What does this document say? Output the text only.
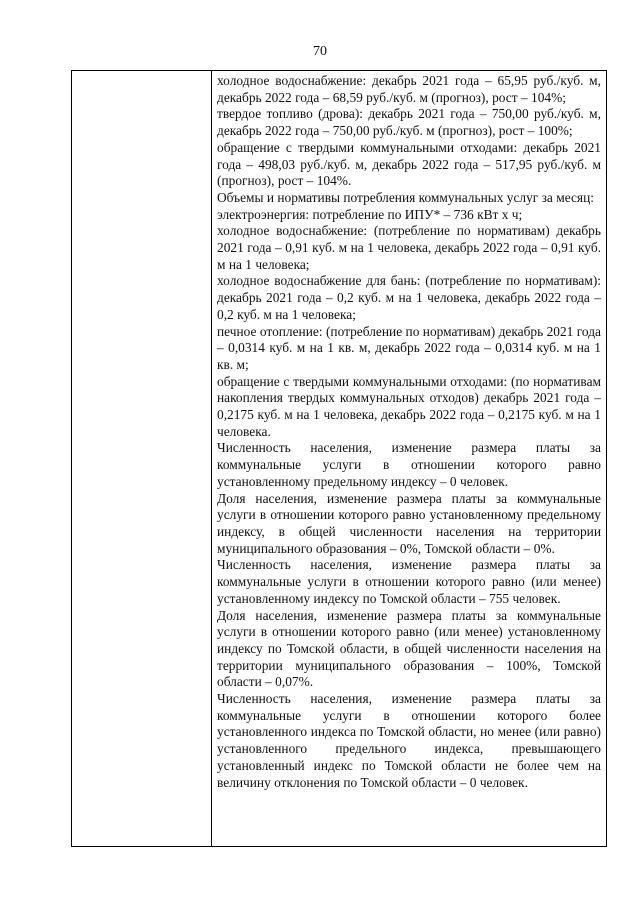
70

холодное водоснабжение: декабрь 2021 года – 65,95 руб./куб. м, декабрь 2022 года – 68,59 руб./куб. м (прогноз), рост – 104%;

твердое топливо (дрова): декабрь 2021 года – 750,00 руб./куб. м, декабрь 2022 года – 750,00 руб./куб. м (прогноз), рост – 100%;

обращение с твердыми коммунальными отходами: декабрь 2021 года – 498,03 руб./куб. м, декабрь 2022 года – 517,95 руб./куб. м (прогноз), рост – 104%.

Объемы и нормативы потребления коммунальных услуг за месяц:

электроэнергия: потребление по ИПУ* – 736 кВт х ч;

холодное водоснабжение: (потребление по нормативам) декабрь 2021 года – 0,91 куб. м на 1 человека, декабрь 2022 года – 0,91 куб. м на 1 человека;

холодное водоснабжение для бань: (потребление по нормативам): декабрь 2021 года – 0,2 куб. м на 1 человека, декабрь 2022 года – 0,2 куб. м на 1 человека;

печное отопление: (потребление по нормативам) декабрь 2021 года – 0,0314 куб. м на 1 кв. м, декабрь 2022 года – 0,0314 куб. м на 1 кв. м;

обращение с твердыми коммунальными отходами: (по нормативам накопления твердых коммунальных отходов) декабрь 2021 года – 0,2175 куб. м на 1 человека, декабрь 2022 года – 0,2175 куб. м на 1 человека.

Численность населения, изменение размера платы за коммунальные услуги в отношении которого равно установленному предельному индексу – 0 человек.

Доля населения, изменение размера платы за коммунальные услуги в отношении которого равно установленному предельному индексу, в общей численности населения на территории муниципального образования – 0%, Томской области – 0%.

Численность населения, изменение размера платы за коммунальные услуги в отношении которого равно (или менее) установленному индексу по Томской области – 755 человек.

Доля населения, изменение размера платы за коммунальные услуги в отношении которого равно (или менее) установленному индексу по Томской области, в общей численности населения на территории муниципального образования – 100%, Томской области – 0,07%.

Численность населения, изменение размера платы за коммунальные услуги в отношении которого более установленного индекса по Томской области, но менее (или равно) установленного предельного индекса, превышающего установленный индекс по Томской области не более чем на величину отклонения по Томской области – 0 человек.
